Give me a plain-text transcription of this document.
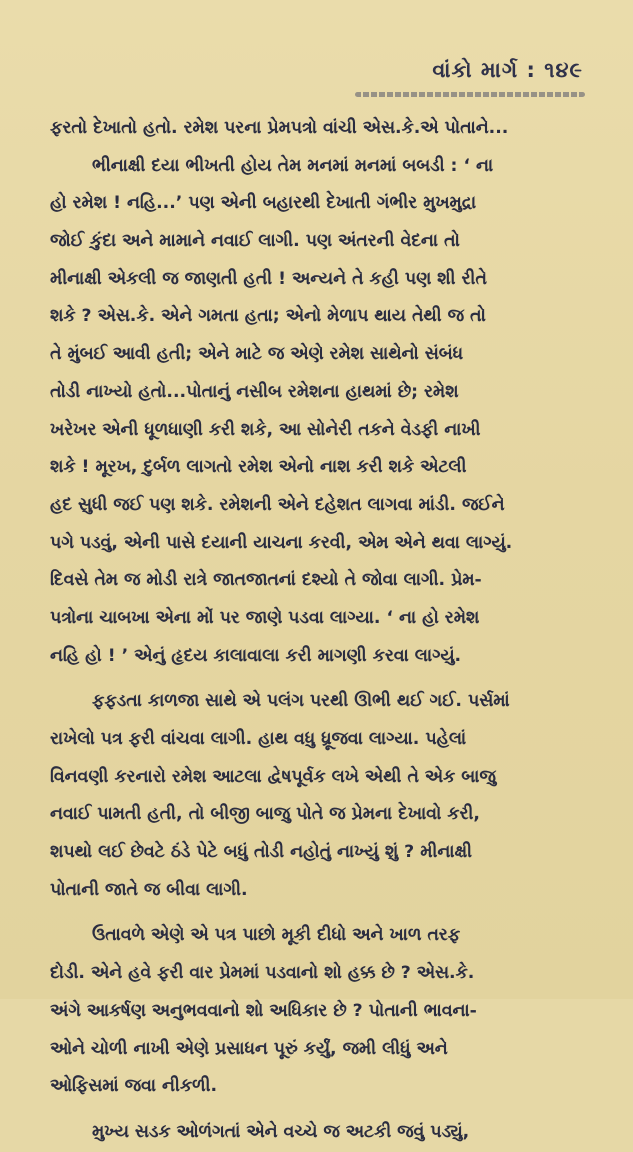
વાંકો માર્ગ : ૧૪૯
ફરતો દેખાતો હતો. રમેશ પરના પ્રેમપત્રો વાંચી એસ.કે.એ પોતાને...
ભીનાક્ષી દયા ભીખતી હોય તેમ મનમાં મનમાં બબડી : ‘ ના
હો રમેશ ! નહિ...’ પણ એની બહારથી દેખાતી ગંભીર મુખમુદ્રા
જોઈ કુંદા અને મામાને નવાઈ લાગી. પણ અંતરની વેદના તો
મીનાક્ષી એકલી જ જાણતી હતી ! અન્યને તે કહી પણ શી રીતે
શકે ? એસ.કે. એને ગમતા હતા; એનો મેળાપ થાય તેથી જ તો
તે મુંબઈ આવી હતી; એને માટે જ એણે રમેશ સાથેનો સંબંધ
તોડી નાખ્યો હતો...પોતાનું નસીબ રમેશના હાથમાં છે; રમેશ
ખરેખર એની ધૂળધાણી કરી શકે, આ સોનેરી તકને વેડફી નાખી
શકે ! મૂરખ, દુર્બળ લાગતો રમેશ એનો નાશ કરી શકે એટલી
હદ સુધી જઈ પણ શકે. રમેશની એને દહેશત લાગવા માંડી. જઈને
પગે પડવું, એની પાસે દયાની યાચના કરવી, એમ એને થવા લાગ્યું.
દિવસે તેમ જ મોડી રાત્રે જાતજાતનાં દશ્યો તે જોવા લાગી. પ્રેમ-
પત્રોના ચાબખા એના મોં પર જાણે પડવા લાગ્યા. ‘ ના હો રમેશ
નહિ હો ! ’ એનું હૃદય કાલાવાલા કરી માગણી કરવા લાગ્યું.
ફફડતા કાળજા સાથે એ પલંગ પરથી ઊભી થઈ ગઈ. પર્સમાં
રાખેલો પત્ર ફરી વાંચવા લાગી. હાથ વધુ ધ્રૂજવા લાગ્યા. પહેલાં
વિનવણી કરનારો રમેશ આટલા દ્વેષપૂર્વક લખે એથી તે એક બાજુ
નવાઈ પામતી હતી, તો બીજી બાજુ પોતે જ પ્રેમના દેખાવો કરી,
શપથો લઈ છેવટે ઠંડે પેટે બધું તોડી નહોતું નાખ્યું શું ? મીનાક્ષી
પોતાની જાતે જ બીવા લાગી.
ઉતાવળે એણે એ પત્ર પાછો મૂકી દીધો અને ખાળ તરફ
દોડી. એને હવે ફરી વાર પ્રેમમાં પડવાનો શો હક્ક છે ? એસ.કે.
અંગે આકર્ષણ અનુભવવાનો શો અધિકાર છે ? પોતાની ભાવના-
ઓને ચોળી નાખી એણે પ્રસાધન પૂરું કર્યું, જમી લીધું અને
ઓફિસમાં જવા નીકળી.
મુખ્ય સડક ઓળંગતાં એને વચ્ચે જ અટકી જવું પડ્યું,
